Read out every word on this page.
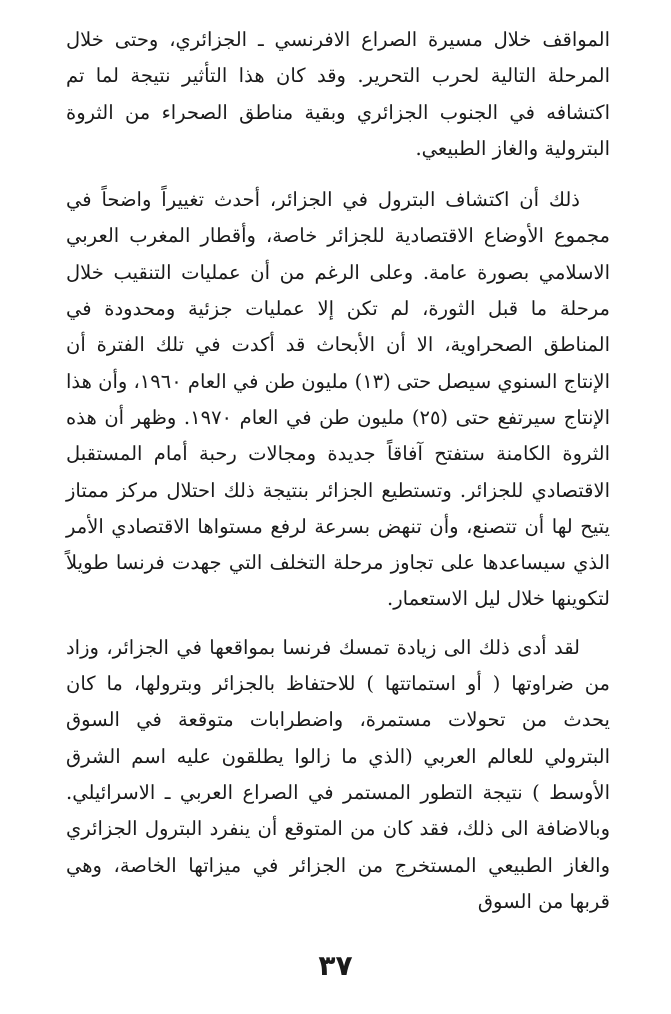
المواقف خلال مسيرة الصراع الافرنسي ـ الجزائري، وحتى خلال المرحلة التالية لحرب التحرير. وقد كان هذا التأثير نتيجة لما تم اكتشافه في الجنوب الجزائري وبقية مناطق الصحراء من الثروة البترولية والغاز الطبيعي.

ذلك أن اكتشاف البترول في الجزائر، أحدث تغييراً واضحاً في مجموع الأوضاع الاقتصادية للجزائر خاصة، وأقطار المغرب العربي الاسلامي بصورة عامة. وعلى الرغم من أن عمليات التنقيب خلال مرحلة ما قبل الثورة، لم تكن إلا عمليات جزئية ومحدودة في المناطق الصحراوية، الا أن الأبحاث قد أكدت في تلك الفترة أن الإنتاج السنوي سيصل حتى (١٣) مليون طن في العام ١٩٦٠، وأن هذا الإنتاج سيرتفع حتى (٢٥) مليون طن في العام ١٩٧٠. وظهر أن هذه الثروة الكامنة ستفتح آفاقاً جديدة ومجالات رحبة أمام المستقبل الاقتصادي للجزائر. وتستطيع الجزائر بنتيجة ذلك احتلال مركز ممتاز يتيح لها أن تتصنع، وأن تنهض بسرعة لرفع مستواها الاقتصادي الأمر الذي سيساعدها على تجاوز مرحلة التخلف التي جهدت فرنسا طويلاً لتكوينها خلال ليل الاستعمار.

لقد أدى ذلك الى زيادة تمسك فرنسا بمواقعها في الجزائر، وزاد من ضراوتها ( أو استماتتها ) للاحتفاظ بالجزائر وبترولها، ما كان يحدث من تحولات مستمرة، واضطرابات متوقعة في السوق البترولي للعالم العربي (الذي ما زالوا يطلقون عليه اسم الشرق الأوسط ) نتيجة التطور المستمر في الصراع العربي ـ الاسرائيلي. وبالاضافة الى ذلك، فقد كان من المتوقع أن ينفرد البترول الجزائري والغاز الطبيعي المستخرج من الجزائر في ميزاتها الخاصة، وهي قربها من السوق

٣٧
